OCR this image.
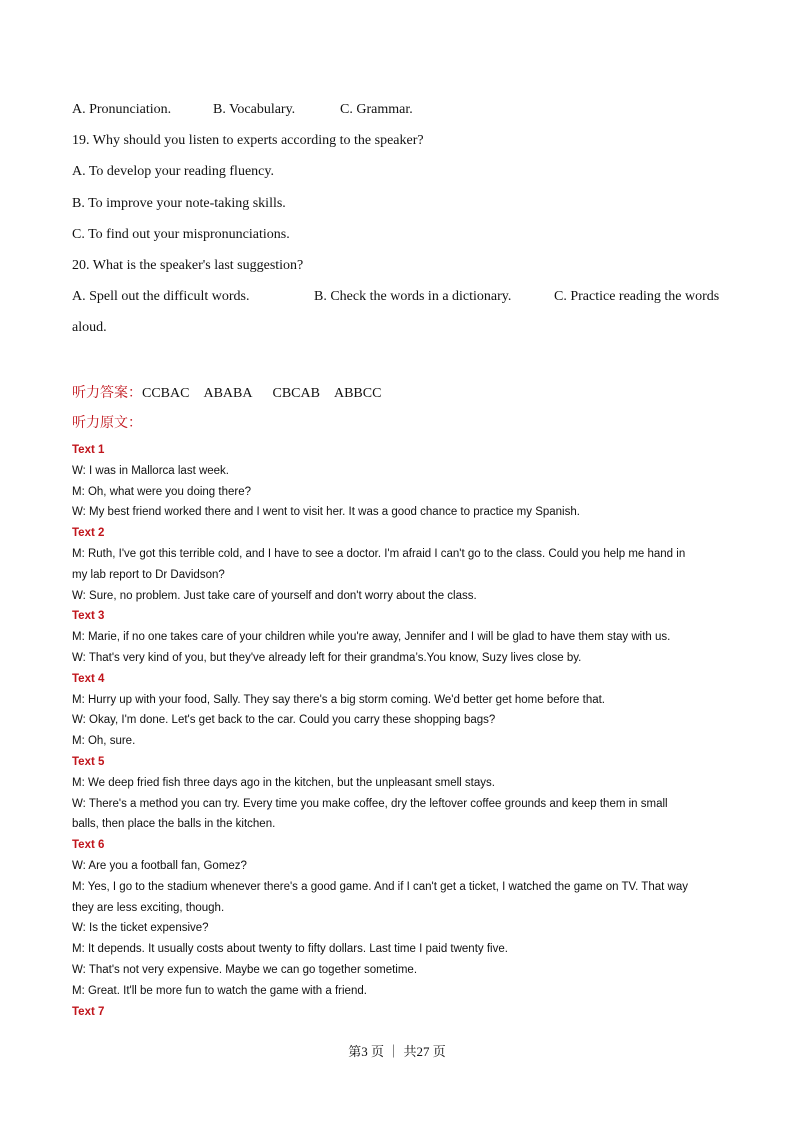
A. Pronunciation.	B. Vocabulary.	C. Grammar.
19. Why should you listen to experts according to the speaker?
A. To develop your reading fluency.
B. To improve your note-taking skills.
C. To find out your mispronunciations.
20. What is the speaker's last suggestion?
A. Spell out the difficult words.	B. Check the words in a dictionary.	C. Practice reading the words
aloud.
听力答案：CCBAC ABABA CBCAB ABBCC
听力原文：
Text 1
W: I was in Mallorca last week.
M: Oh, what were you doing there?
W: My best friend worked there and I went to visit her. It was a good chance to practice my Spanish.
Text 2
M: Ruth, I've got this terrible cold, and I have to see a doctor. I'm afraid I can't go to the class. Could you help me hand in
my lab report to Dr Davidson?
W: Sure, no problem. Just take care of yourself and don't worry about the class.
Text 3
M: Marie, if no one takes care of your children while you're away, Jennifer and I will be glad to have them stay with us.
W: That's very kind of you, but they've already left for their grandma’s.You know, Suzy lives close by.
Text 4
M: Hurry up with your food, Sally. They say there's a big storm coming. We'd better get home before that.
W: Okay, I'm done. Let's get back to the car. Could you carry these shopping bags?
M: Oh, sure.
Text 5
M: We deep fried fish three days ago in the kitchen, but the unpleasant smell stays.
W: There's a method you can try. Every time you make coffee, dry the leftover coffee grounds and keep them in small
balls, then place the balls in the kitchen.
Text 6
W: Are you a football fan, Gomez?
M: Yes, I go to the stadium whenever there's a good game. And if I can't get a ticket, I watched the game on TV. That way
they are less exciting, though.
W: Is the ticket expensive?
M: It depends. It usually costs about twenty to fifty dollars. Last time I paid twenty five.
W: That's not very expensive. Maybe we can go together sometime.
M: Great. It'll be more fun to watch the game with a friend.
Text 7
第3 页 ｜ 共27 页
